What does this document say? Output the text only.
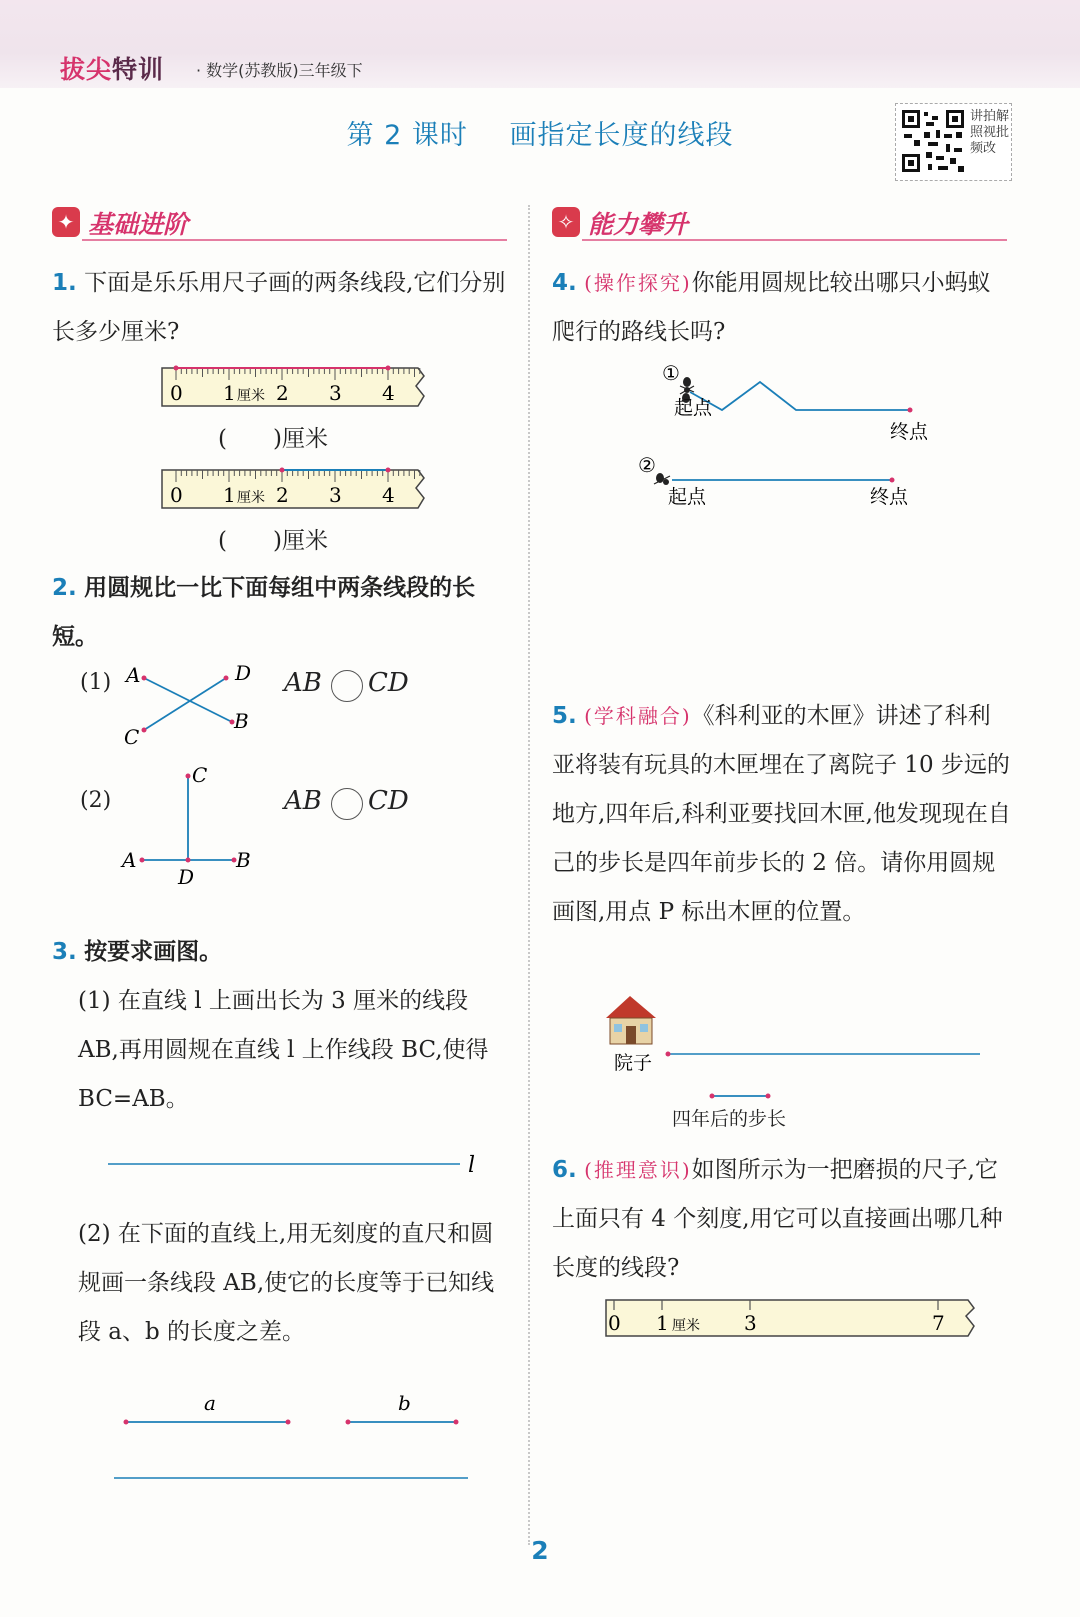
拔尖特训 · 数学(苏教版)三年级下
第 2 课时 画指定长度的线段
讲拍解照视批频改
✦ 基础进阶	✧ 能力攀升
1. 下面是乐乐用尺子画的两条线段,它们分别长多少厘米?
0 1 2 3 4
厘米
0 1 2 3 4
厘米
(　　)厘米
(　　)厘米
2. 用圆规比一比下面每组中两条线段的长短。
(1)
(2)
A
B
C
D
C
A	B
D
AB CD
AB CD
3. 按要求画图。
(1) 在直线 l 上画出长为 3 厘米的线段 AB,再用圆规在直线 l 上作线段 BC,使得 BC=AB。
l
(2) 在下面的直线上,用无刻度的直尺和圆规画一条线段 AB,使它的长度等于已知线段 a、b 的长度之差。
a	b
4. (操作探究)你能用圆规比较出哪只小蚂蚁爬行的路线长吗?
①
起点
终点
②
起点	终点
5. (学科融合)《科利亚的木匣》讲述了科利亚将装有玩具的木匣埋在了离院子 10 步远的地方,四年后,科利亚要找回木匣,他发现现在自己的步长是四年前步长的 2 倍。请你用圆规画图,用点 P 标出木匣的位置。
院子
四年后的步长
6. (推理意识)如图所示为一把磨损的尺子,它上面只有 4 个刻度,用它可以直接画出哪几种长度的线段?
0 1	3	7
厘米
2
